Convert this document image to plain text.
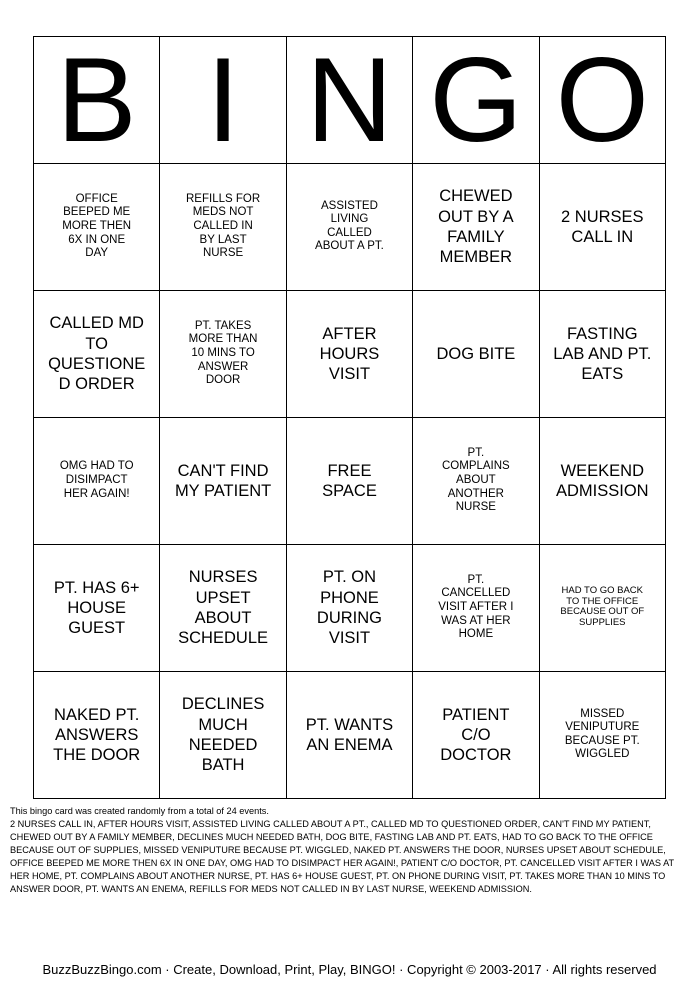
B	I	N	G	O
OFFICE BEEPED ME MORE THEN 6X IN ONE DAY	REFILLS FOR MEDS NOT CALLED IN BY LAST NURSE	ASSISTED LIVING CALLED ABOUT A PT.	CHEWED OUT BY A FAMILY MEMBER	2 NURSES CALL IN
CALLED MD TO QUESTIONED ORDER	PT. TAKES MORE THAN 10 MINS TO ANSWER DOOR	AFTER HOURS VISIT	DOG BITE	FASTING LAB AND PT. EATS
OMG HAD TO DISIMPACT HER AGAIN!	CAN'T FIND MY PATIENT	FREE SPACE	PT. COMPLAINS ABOUT ANOTHER NURSE	WEEKEND ADMISSION
PT. HAS 6+ HOUSE GUEST	NURSES UPSET ABOUT SCHEDULE	PT. ON PHONE DURING VISIT	PT. CANCELLED VISIT AFTER I WAS AT HER HOME	HAD TO GO BACK TO THE OFFICE BECAUSE OUT OF SUPPLIES
NAKED PT. ANSWERS THE DOOR	DECLINES MUCH NEEDED BATH	PT. WANTS AN ENEMA	PATIENT C/O DOCTOR	MISSED VENIPUTURE BECAUSE PT. WIGGLED

This bingo card was created randomly from a total of 24 events.

2 NURSES CALL IN, AFTER HOURS VISIT, ASSISTED LIVING CALLED ABOUT A PT., CALLED MD TO QUESTIONED ORDER, CAN'T FIND MY PATIENT, CHEWED OUT BY A FAMILY MEMBER, DECLINES MUCH NEEDED BATH, DOG BITE, FASTING LAB AND PT. EATS, HAD TO GO BACK TO THE OFFICE BECAUSE OUT OF SUPPLIES, MISSED VENIPUTURE BECAUSE PT. WIGGLED, NAKED PT. ANSWERS THE DOOR, NURSES UPSET ABOUT SCHEDULE, OFFICE BEEPED ME MORE THEN 6X IN ONE DAY, OMG HAD TO DISIMPACT HER AGAIN!, PATIENT C/O DOCTOR, PT. CANCELLED VISIT AFTER I WAS AT HER HOME, PT. COMPLAINS ABOUT ANOTHER NURSE, PT. HAS 6+ HOUSE GUEST, PT. ON PHONE DURING VISIT, PT. TAKES MORE THAN 10 MINS TO ANSWER DOOR, PT. WANTS AN ENEMA, REFILLS FOR MEDS NOT CALLED IN BY LAST NURSE, WEEKEND ADMISSION.

BuzzBuzzBingo.com · Create, Download, Print, Play, BINGO! · Copyright © 2003-2017 · All rights reserved
